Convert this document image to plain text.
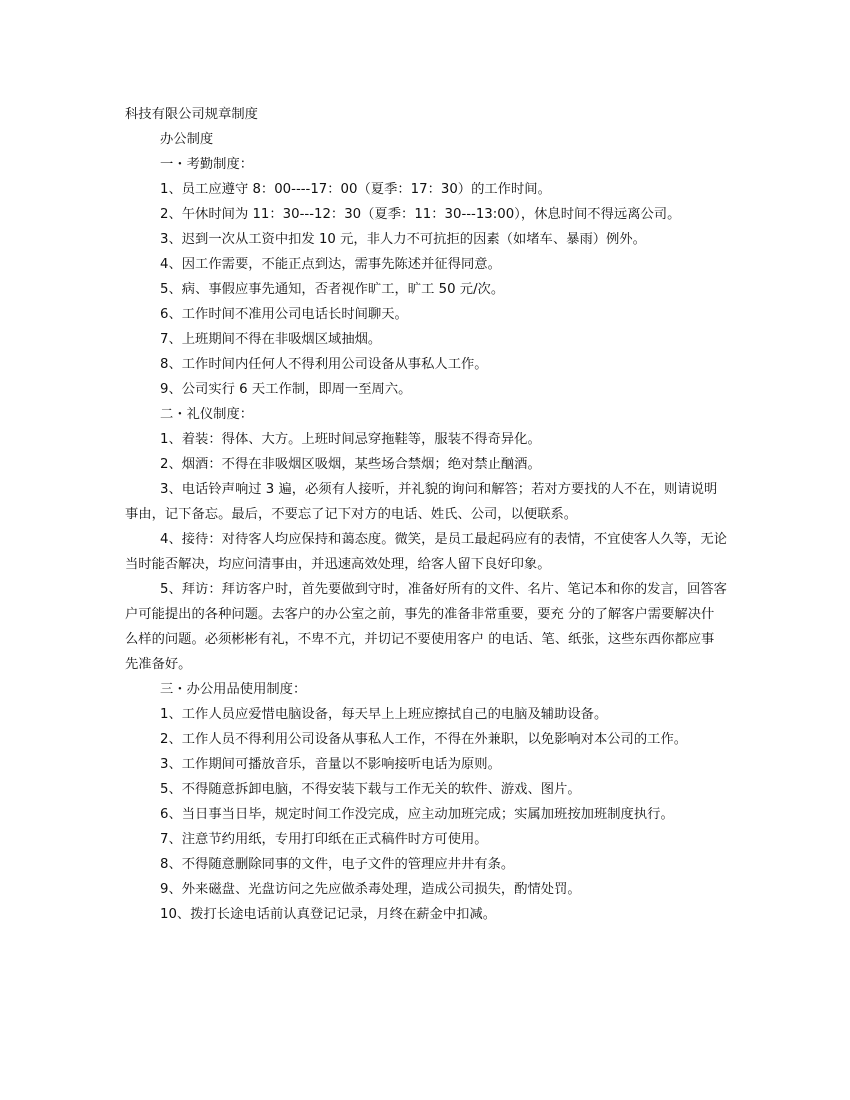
科技有限公司规章制度

办公制度

一・考勤制度：

1、员工应遵守 8：00----17：00（夏季：17：30）的工作时间。

2、午休时间为 11：30---12：30（夏季：11：30---13:00），休息时间不得远离公司。

3、迟到一次从工资中扣发 10 元，非人力不可抗拒的因素（如堵车、暴雨）例外。

4、因工作需要，不能正点到达，需事先陈述并征得同意。

5、病、事假应事先通知，否者视作旷工，旷工 50 元/次。

6、工作时间不准用公司电话长时间聊天。

7、上班期间不得在非吸烟区域抽烟。

8、工作时间内任何人不得利用公司设备从事私人工作。

9、公司实行 6 天工作制，即周一至周六。

二・礼仪制度：

1、着装：得体、大方。上班时间忌穿拖鞋等，服装不得奇异化。

2、烟酒：不得在非吸烟区吸烟，某些场合禁烟；绝对禁止酗酒。

3、电话铃声响过 3 遍，必须有人接听，并礼貌的询问和解答；若对方要找的人不在，则请说明事由，记下备忘。最后，不要忘了记下对方的电话、姓氏、公司，以便联系。

4、接待：对待客人均应保持和蔼态度。微笑，是员工最起码应有的表情，不宜使客人久等，无论当时能否解决，均应问清事由，并迅速高效处理，给客人留下良好印象。

5、拜访：拜访客户时，首先要做到守时，准备好所有的文件、名片、笔记本和你的发言，回答客户可能提出的各种问题。去客户的办公室之前，事先的准备非常重要，要充 分的了解客户需要解决什么样的问题。必须彬彬有礼，不卑不亢，并切记不要使用客户 的电话、笔、纸张，这些东西你都应事先准备好。

三・办公用品使用制度：

1、工作人员应爱惜电脑设备，每天早上上班应擦拭自己的电脑及辅助设备。

2、工作人员不得利用公司设备从事私人工作，不得在外兼职，以免影响对本公司的工作。

3、工作期间可播放音乐，音量以不影响接听电话为原则。

5、不得随意拆卸电脑，不得安装下载与工作无关的软件、游戏、图片。

6、当日事当日毕，规定时间工作没完成，应主动加班完成；实属加班按加班制度执行。

7、注意节约用纸，专用打印纸在正式稿件时方可使用。

8、不得随意删除同事的文件，电子文件的管理应井井有条。

9、外来磁盘、光盘访问之先应做杀毒处理，造成公司损失，酌情处罚。

10、拨打长途电话前认真登记记录，月终在薪金中扣减。
